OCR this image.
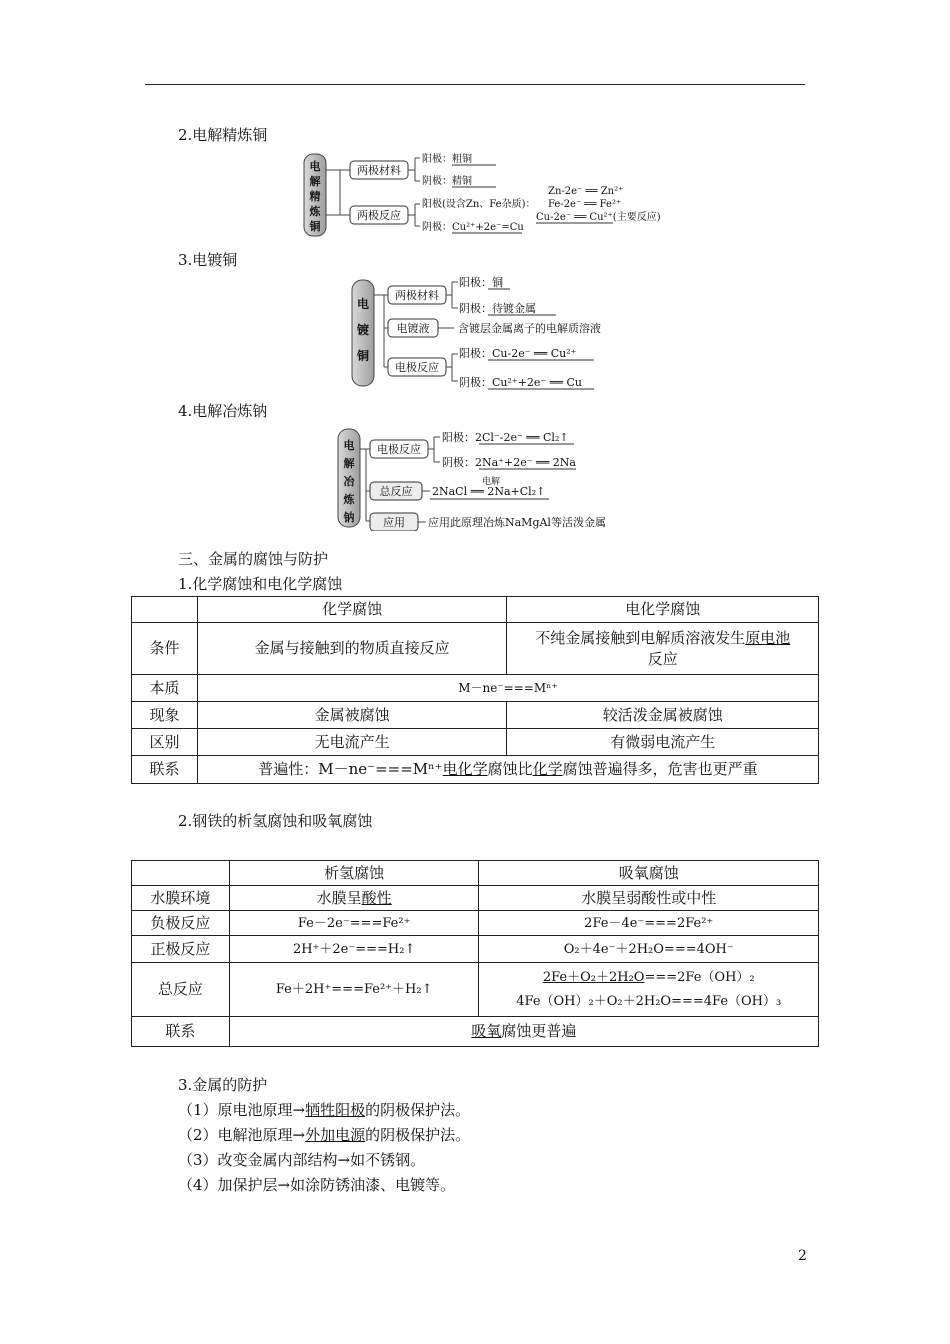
2.电解精炼铜
电
解
精
炼
铜
两极材料
阳极：粗铜
阴极：精铜
两极反应
阳极(设含Zn、Fe杂质)：
Zn-2e⁻ ══ Zn²⁺
Fe-2e⁻ ══ Fe²⁺
Cu-2e⁻ ══ Cu²⁺(主要反应)
阴极：Cu²⁺+2e⁻=Cu
3.电镀铜
电
镀
铜
两极材料
阳极：铜
阴极：待镀金属
电镀液	含镀层金属离子的电解质溶液
电极反应
阳极：Cu-2e⁻ ══ Cu²⁺
阴极：Cu²⁺+2e⁻ ══ Cu
4.电解冶炼钠
电
解
冶
炼
钠
电极反应
阳极：2Cl⁻-2e⁻ ══ Cl₂↑
阴极：2Na⁺+2e⁻ ══ 2Na
总反应
电解
2NaCl ══ 2Na+Cl₂↑
应用 应用此原理冶炼NaMgAl等活泼金属
三、金属的腐蚀与防护
1.化学腐蚀和电化学腐蚀
	化学腐蚀	电化学腐蚀
条件	金属与接触到的物质直接反应	不纯金属接触到电解质溶液发生原电池
反应
本质	M－ne⁻===Mⁿ⁺	
现象	金属被腐蚀	较活泼金属被腐蚀
区别	无电流产生	有微弱电流产生
联系	普遍性：M－ne⁻===Mⁿ⁺电化学腐蚀比化学腐蚀普遍得多，危害也更严重	
2.钢铁的析氢腐蚀和吸氧腐蚀
	析氢腐蚀	吸氧腐蚀
水膜环境	水膜呈酸性	水膜呈弱酸性或中性
负极反应	Fe－2e⁻===Fe²⁺	2Fe－4e⁻===2Fe²⁺
正极反应	2H⁺＋2e⁻===H₂↑	O₂＋4e⁻＋2H₂O===4OH⁻
总反应	Fe＋2H⁺===Fe²⁺＋H₂↑	2Fe＋O₂＋2H₂O===2Fe（OH）₂
4Fe（OH）₂＋O₂＋2H₂O===4Fe（OH）₃
联系	吸氧腐蚀更普遍	
3.金属的防护
（1）原电池原理→牺牲阳极的阴极保护法。
（2）电解池原理→外加电源的阴极保护法。
（3）改变金属内部结构→如不锈钢。
（4）加保护层→如涂防锈油漆、电镀等。
2
